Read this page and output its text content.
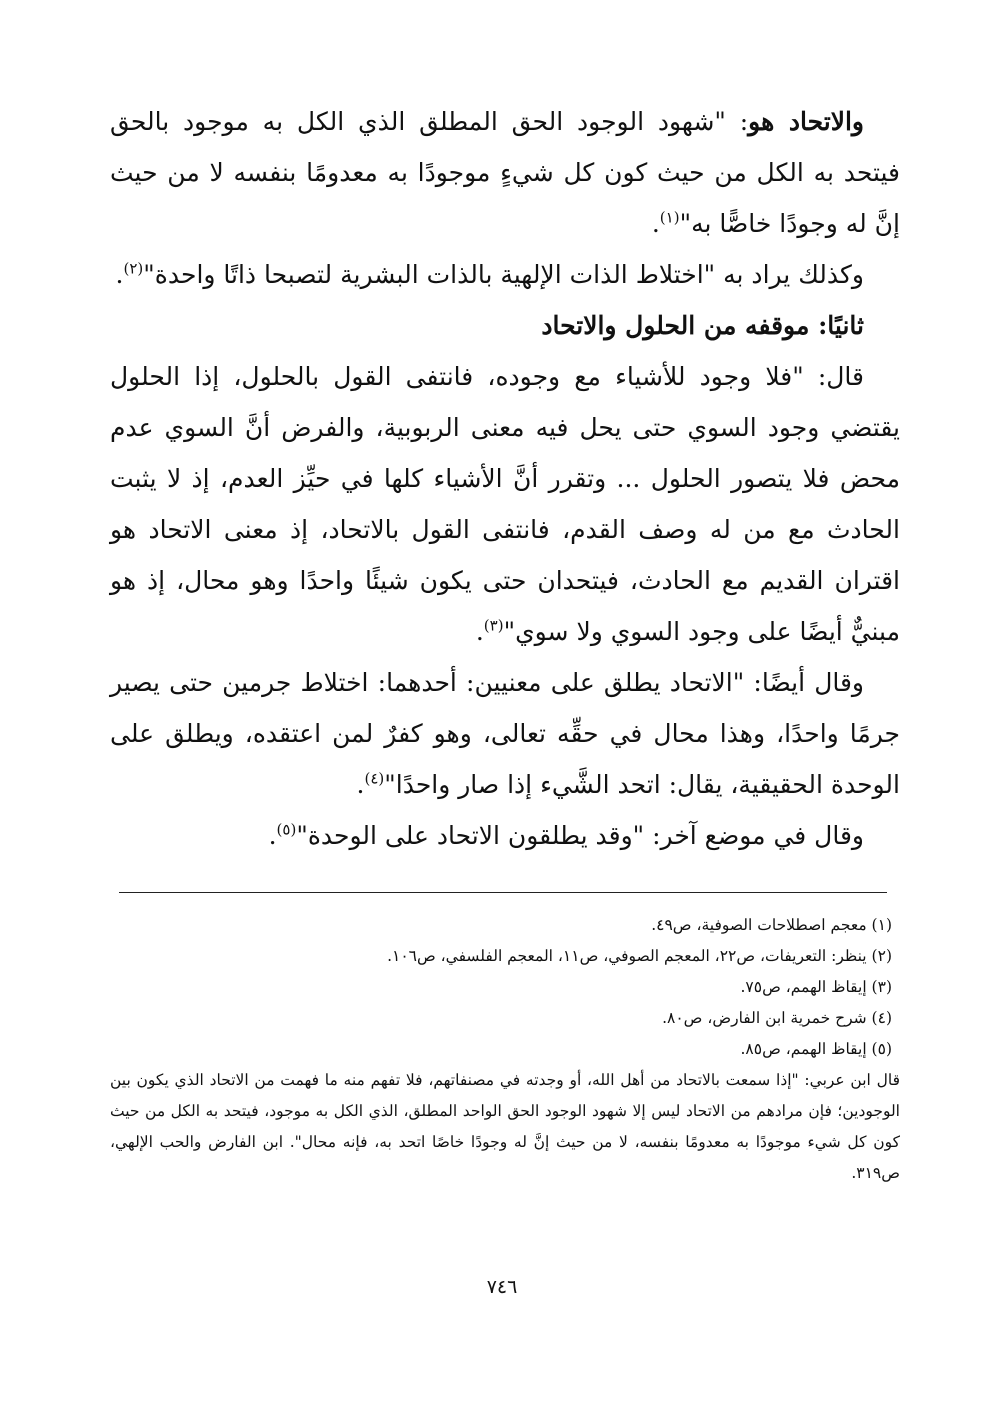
والاتحاد هو: "شهود الوجود الحق المطلق الذي الكل به موجود بالحق فيتحد به الكل من حيث كون كل شيءٍ موجودًا به معدومًا بنفسه لا من حيث إنَّ له وجودًا خاصًّا به"$^{(١)}$.

وكذلك يراد به "اختلاط الذات الإلهية بالذات البشرية لتصبحا ذاتًا واحدة"$^{(٢)}$.

ثانيًا: موقفه من الحلول والاتحاد

قال: "فلا وجود للأشياء مع وجوده، فانتفى القول بالحلول، إذا الحلول يقتضي وجود السوي حتى يحل فيه معنى الربوبية، والفرض أنَّ السوي عدم محض فلا يتصور الحلول ... وتقرر أنَّ الأشياء كلها في حيِّز العدم، إذ لا يثبت الحادث مع من له وصف القدم، فانتفى القول بالاتحاد، إذ معنى الاتحاد هو اقتران القديم مع الحادث، فيتحدان حتى يكون شيئًا واحدًا وهو محال، إذ هو مبنيٌّ أيضًا على وجود السوي ولا سوي"$^{(٣)}$.

وقال أيضًا: "الاتحاد يطلق على معنيين: أحدهما: اختلاط جرمين حتى يصير جرمًا واحدًا، وهذا محال في حقِّه تعالى، وهو كفرٌ لمن اعتقده، ويطلق على الوحدة الحقيقية، يقال: اتحد الشَّيء إذا صار واحدًا"$^{(٤)}$.

وقال في موضع آخر: "وقد يطلقون الاتحاد على الوحدة"$^{(٥)}$.

(١) معجم اصطلاحات الصوفية، ص٤٩.

(٢) ينظر: التعريفات، ص٢٢، المعجم الصوفي، ص١١، المعجم الفلسفي، ص١٠٦.

(٣) إيقاظ الهمم، ص٧٥.

(٤) شرح خمرية ابن الفارض، ص٨٠.

(٥) إيقاظ الهمم، ص٨٥.

قال ابن عربي: "إذا سمعت بالاتحاد من أهل الله، أو وجدته في مصنفاتهم، فلا تفهم منه ما فهمت من الاتحاد الذي يكون بين الوجودين؛ فإن مرادهم من الاتحاد ليس إلا شهود الوجود الحق الواحد المطلق، الذي الكل به موجود، فيتحد به الكل من حيث كون كل شيء موجودًا به معدومًا بنفسه، لا من حيث إنَّ له وجودًا خاصًا اتحد به، فإنه محال". ابن الفارض والحب الإلهي، ص٣١٩.

٧٤٦
